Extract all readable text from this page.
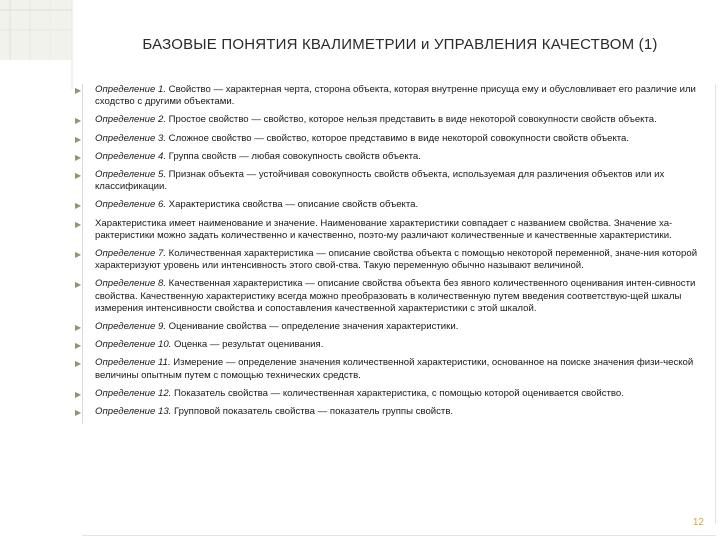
БАЗОВЫЕ ПОНЯТИЯ КВАЛИМЕТРИИ и УПРАВЛЕНИЯ КАЧЕСТВОМ (1)
▶ Определение 1. Свойство — характерная черта, сторона объекта, которая внутренне присуща ему и обусловливает его различие или сходство с другими объектами.
▶ Определение 2. Простое свойство — свойство, которое нельзя представить в виде некоторой совокупности свойств объекта.
▶ Определение 3. Сложное свойство — свойство, которое представимо в виде некоторой совокупности свойств объекта.
▶ Определение 4. Группа свойств — любая совокупность свойств объекта.
▶ Определение 5. Признак объекта — устойчивая совокупность свойств объекта, используемая для различения объектов или их классификации.
▶ Определение 6. Характеристика свойства — описание свойств объекта.
▶ Характеристика имеет наименование и значение. Наименование характеристики совпадает с названием свойства. Значение ха-рактеристики можно задать количественно и качественно, поэто-му различают количественные и качественные характеристики.
▶ Определение 7. Количественная характеристика — описание свойства объекта с помощью некоторой переменной, значе-ния которой характеризуют уровень или интенсивность этого свой-ства. Такую переменную обычно называют величиной.
▶ Определение 8. Качественная характеристика — описание свойства объекта без явного количественного оценивания интен-сивности свойства. Качественную характеристику всегда можно преобразовать в количественную путем введения соответствую-щей шкалы измерения интенсивности свойства и сопоставления качественной характеристики с этой шкалой.
▶ Определение 9. Оценивание свойства — определение значения характеристики.
▶ Определение 10. Оценка — результат оценивания.
▶ Определение 11. Измерение — определение значения количественной характеристики, основанное на поиске значения физи-ческой величины опытным путем с помощью технических средств.
▶ Определение 12. Показатель свойства — количественная характеристика, с помощью которой оценивается свойство.
▶ Определение 13. Групповой показатель свойства — показатель группы свойств.
12
